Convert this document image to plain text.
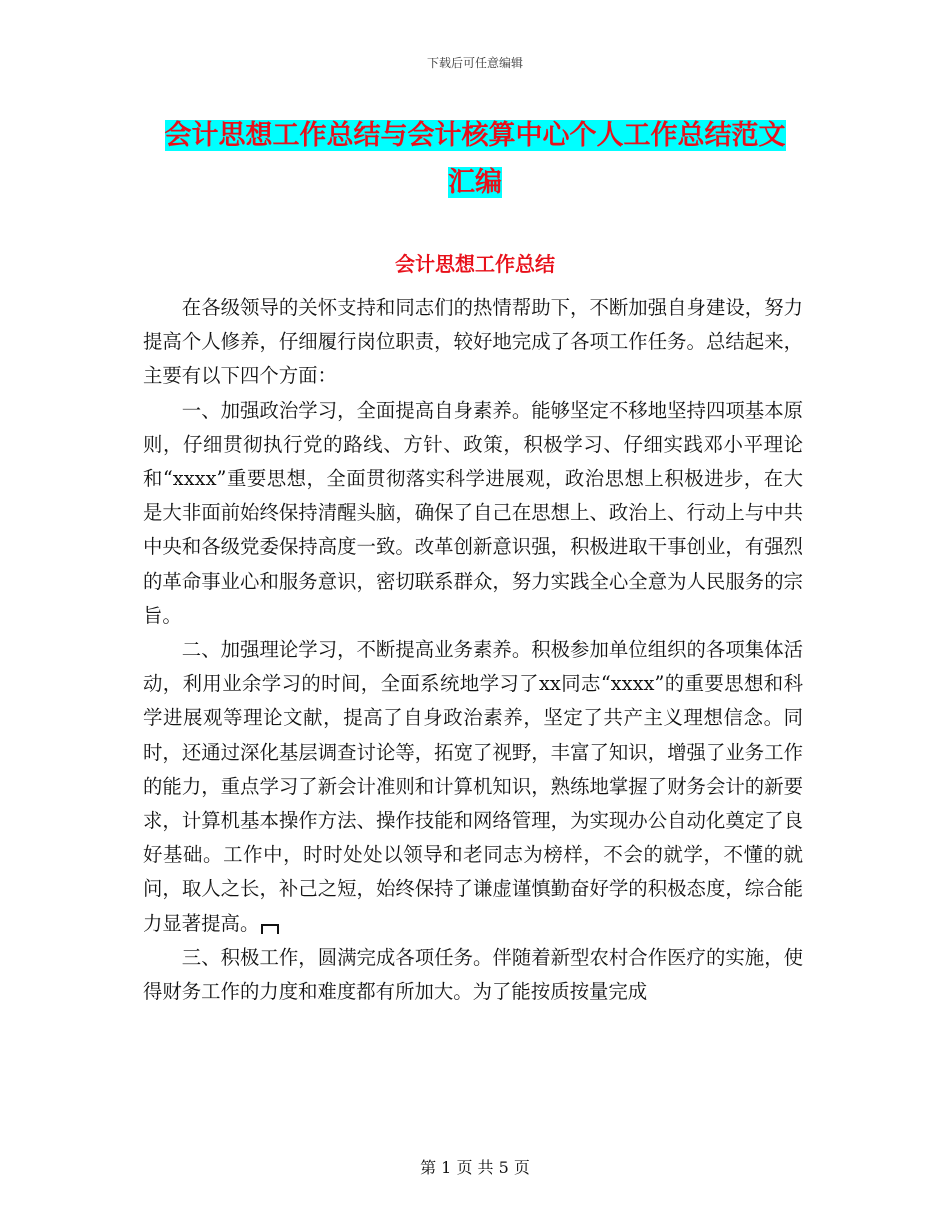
下载后可任意编辑
会计思想工作总结与会计核算中心个人工作总结范文
汇编
会计思想工作总结

在各级领导的关怀支持和同志们的热情帮助下，不断加强自身建设，努力提高个人修养，仔细履行岗位职责，较好地完成了各项工作任务。总结起来，主要有以下四个方面：

一、加强政治学习，全面提高自身素养。能够坚定不移地坚持四项基本原则，仔细贯彻执行党的路线、方针、政策，积极学习、仔细实践邓小平理论和“xxxx”重要思想，全面贯彻落实科学进展观，政治思想上积极进步，在大是大非面前始终保持清醒头脑，确保了自己在思想上、政治上、行动上与中共中央和各级党委保持高度一致。改革创新意识强，积极进取干事创业，有强烈的革命事业心和服务意识，密切联系群众，努力实践全心全意为人民服务的宗旨。

二、加强理论学习，不断提高业务素养。积极参加单位组织的各项集体活动，利用业余学习的时间，全面系统地学习了xx同志“xxxx”的重要思想和科学进展观等理论文献，提高了自身政治素养，坚定了共产主义理想信念。同时，还通过深化基层调查讨论等，拓宽了视野，丰富了知识，增强了业务工作的能力，重点学习了新会计准则和计算机知识，熟练地掌握了财务会计的新要求，计算机基本操作方法、操作技能和网络管理，为实现办公自动化奠定了良好基础。工作中，时时处处以领导和老同志为榜样，不会的就学，不懂的就问，取人之长，补己之短，始终保持了谦虚谨慎勤奋好学的积极态度，综合能力显著提高。

三、积极工作，圆满完成各项任务。伴随着新型农村合作医疗的实施，使得财务工作的力度和难度都有所加大。为了能按质按量完成

第 1 页 共 5 页
